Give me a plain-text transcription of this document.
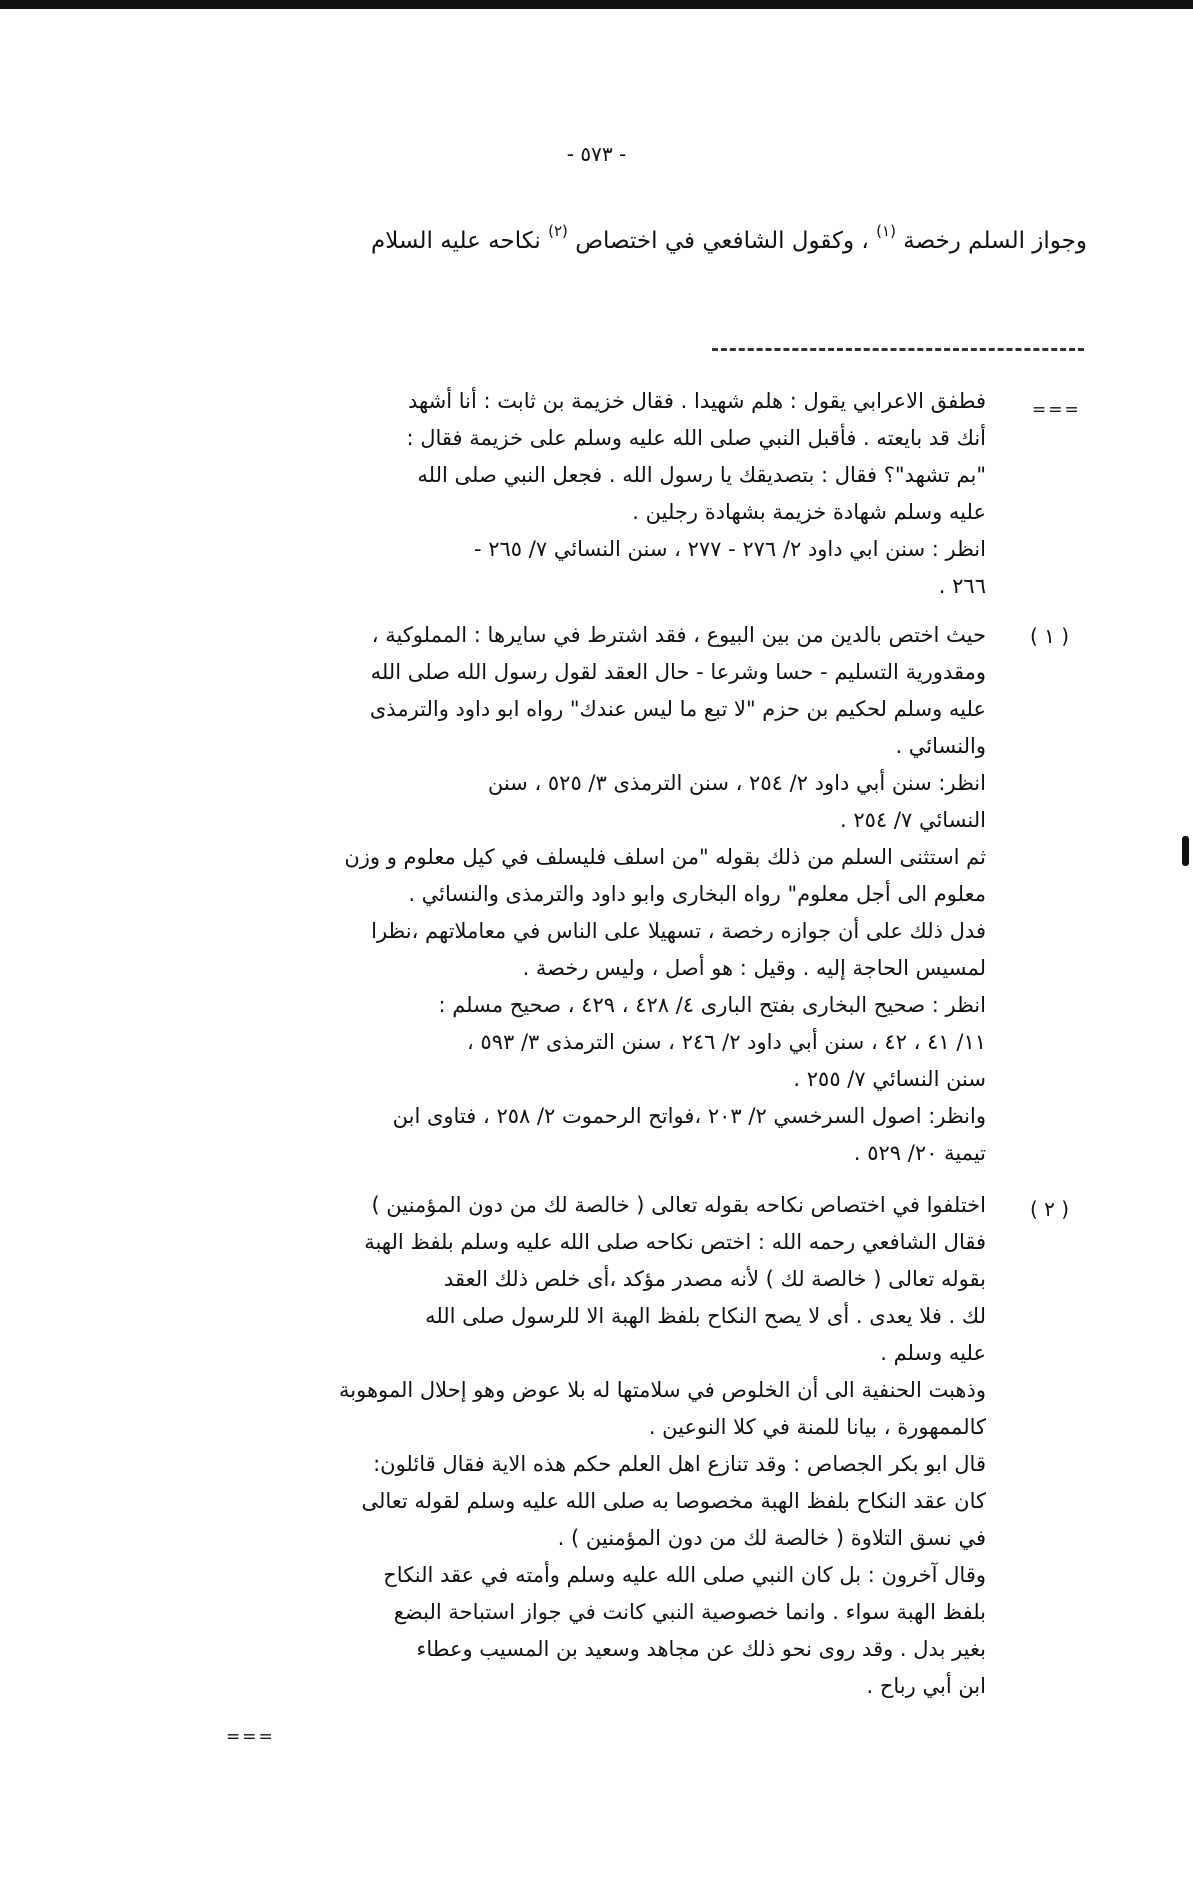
- ٥٧٣ -
وجواز السلم رخصة $^{(١)}$ ، وكقول الشافعي في اختصاص $^{(٢)}$ نكاحه عليه السلام
===

فطفق الاعرابي يقول : هلم شهيدا . فقال خزيمة بن ثابت : أنا أشهد

أنك قد بايعته . فأقبل النبي صلى الله عليه وسلم على خزيمة فقال :

"بم تشهد"؟ فقال : بتصديقك يا رسول الله . فجعل النبي صلى الله

عليه وسلم شهادة خزيمة بشهادة رجلين .

انظر : سنن ابي داود ٢/ ٢٧٦ - ٢٧٧ ، سنن النسائي ٧/ ٢٦٥ -

٢٦٦ .

( ١ )

حيث اختص بالدين من بين البيوع ، فقد اشترط في سايرها : المملوكية ،

ومقدورية التسليم - حسا وشرعا - حال العقد لقول رسول الله صلى الله

عليه وسلم لحكيم بن حزم "لا تبع ما ليس عندك" رواه ابو داود والترمذى

والنسائي .

انظر: سنن أبي داود ٢/ ٢٥٤ ، سنن الترمذى ٣/ ٥٢٥ ، سنن

النسائي ٧/ ٢٥٤ .

ثم استثنى السلم من ذلك بقوله "من اسلف فليسلف في كيل معلوم و وزن

معلوم الى أجل معلوم" رواه البخارى وابو داود والترمذى والنسائي .

فدل ذلك على أن جوازه رخصة ، تسهيلا على الناس في معاملاتهم ،نظرا

لمسيس الحاجة إليه . وقيل : هو أصل ، وليس رخصة .

انظر : صحيح البخارى بفتح البارى ٤/ ٤٢٨ ، ٤٢٩ ، صحيح مسلم :

١١/ ٤١ ، ٤٢ ، سنن أبي داود ٢/ ٢٤٦ ، سنن الترمذى ٣/ ٥٩٣ ،

سنن النسائي ٧/ ٢٥٥ .

وانظر: اصول السرخسي ٢/ ٢٠٣ ،فواتح الرحموت ٢/ ٢٥٨ ، فتاوى ابن

تيمية ٢٠/ ٥٢٩ .

( ٢ )

اختلفوا في اختصاص نكاحه بقوله تعالى ( خالصة لك من دون المؤمنين )

فقال الشافعي رحمه الله : اختص نكاحه صلى الله عليه وسلم بلفظ الهبة

بقوله تعالى ( خالصة لك ) لأنه مصدر مؤكد ،أى خلص ذلك العقد

لك . فلا يعدى . أى لا يصح النكاح بلفظ الهبة الا للرسول صلى الله

عليه وسلم .

وذهبت الحنفية الى أن الخلوص في سلامتها له بلا عوض وهو إحلال الموهوبة

كالممهورة ، بيانا للمنة في كلا النوعين .

قال ابو بكر الجصاص : وقد تنازع اهل العلم حكم هذه الاية فقال قائلون:

كان عقد النكاح بلفظ الهبة مخصوصا به صلى الله عليه وسلم لقوله تعالى

في نسق التلاوة ( خالصة لك من دون المؤمنين ) .

وقال آخرون : بل كان النبي صلى الله عليه وسلم وأمته في عقد النكاح

بلفظ الهبة سواء . وانما خصوصية النبي كانت في جواز استباحة البضع

بغير بدل . وقد روى نحو ذلك عن مجاهد وسعيد بن المسيب وعطاء

ابن أبي رباح .

===
